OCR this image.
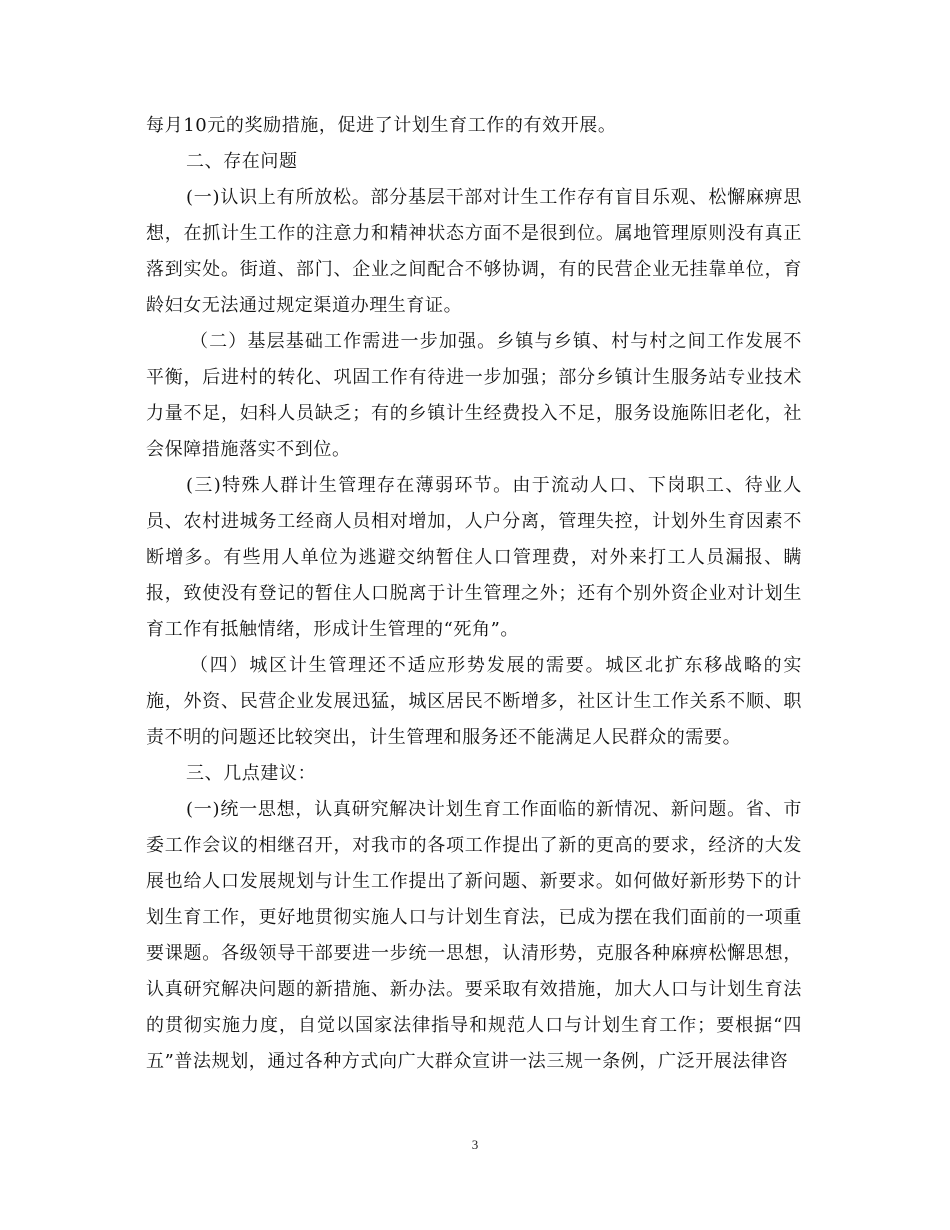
每月10元的奖励措施，促进了计划生育工作的有效开展。

二、存在问题

(一)认识上有所放松。部分基层干部对计生工作存有盲目乐观、松懈麻痹思想，在抓计生工作的注意力和精神状态方面不是很到位。属地管理原则没有真正落到实处。街道、部门、企业之间配合不够协调，有的民营企业无挂靠单位，育龄妇女无法通过规定渠道办理生育证。

（二）基层基础工作需进一步加强。乡镇与乡镇、村与村之间工作发展不平衡，后进村的转化、巩固工作有待进一步加强；部分乡镇计生服务站专业技术力量不足，妇科人员缺乏；有的乡镇计生经费投入不足，服务设施陈旧老化，社会保障措施落实不到位。

(三)特殊人群计生管理存在薄弱环节。由于流动人口、下岗职工、待业人员、农村进城务工经商人员相对增加，人户分离，管理失控，计划外生育因素不断增多。有些用人单位为逃避交纳暂住人口管理费，对外来打工人员漏报、瞒报，致使没有登记的暂住人口脱离于计生管理之外；还有个别外资企业对计划生育工作有抵触情绪，形成计生管理的“死角”。

（四）城区计生管理还不适应形势发展的需要。城区北扩东移战略的实施，外资、民营企业发展迅猛，城区居民不断增多，社区计生工作关系不顺、职责不明的问题还比较突出，计生管理和服务还不能满足人民群众的需要。

三、几点建议：

(一)统一思想，认真研究解决计划生育工作面临的新情况、新问题。省、市委工作会议的相继召开，对我市的各项工作提出了新的更高的要求，经济的大发展也给人口发展规划与计生工作提出了新问题、新要求。如何做好新形势下的计划生育工作，更好地贯彻实施人口与计划生育法，已成为摆在我们面前的一项重要课题。各级领导干部要进一步统一思想，认清形势，克服各种麻痹松懈思想，认真研究解决问题的新措施、新办法。要采取有效措施，加大人口与计划生育法的贯彻实施力度，自觉以国家法律指导和规范人口与计划生育工作；要根据“四五”普法规划，通过各种方式向广大群众宣讲一法三规一条例，广泛开展法律咨

3
